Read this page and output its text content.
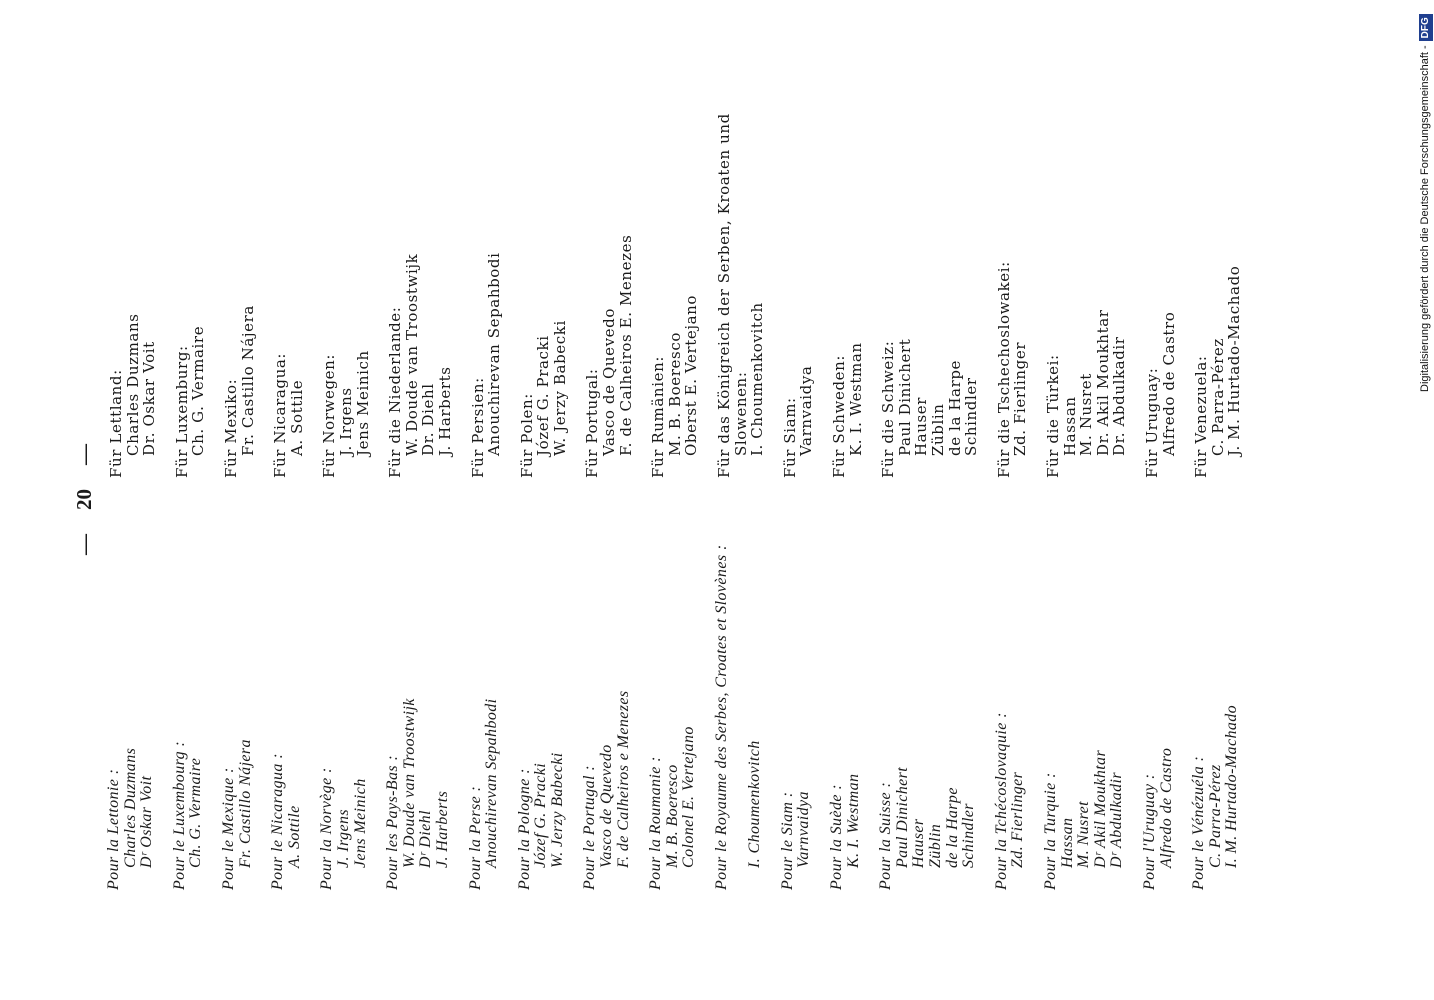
—20—
Pour la Lettonie : Charles Duzmans Dʳ Oskar Voit Pour le Luxembourg : Ch. G. Vermaire Pour le Mexique : Fr. Castillo Nájera Pour le Nicaragua : A. Sottile Pour la Norvège : J. Irgens Jens Meinich Pour les Pays-Bas : W. Doude van Troostwijk Dʳ Diehl J. Harberts Pour la Perse : Anouchirevan Sepahbodi Pour la Pologne : Józef G. Pracki W. Jerzy Babecki Pour le Portugal : Vasco de Quevedo F. de Calheiros e Menezes Pour la Roumanie : M. B. Boeresco Colonel E. Vertejano Pour le Royaume des Serbes, Croates et Slovènes :
I. Choumenkovitch Pour le Siam : Varnvaidya Pour la Suède : K. I. Westman Pour la Suisse : Paul Dinichert Hauser Züblin de la Harpe Schindler Pour la Tchécoslovaquie : Zd. Fierlinger Pour la Turquie : Hassan M. Nusret Dʳ Akil Moukhtar Dʳ Abdulkadir Pour l'Uruguay : Alfredo de Castro Pour le Vénézuéla : C. Parra-Pérez I. M. Hurtado-Machado
Für Lettland:
Charles Duzmans
Dr. Oskar Voit Für Luxemburg:
Ch. G. Vermaire Für Mexiko:
Fr. Castillo Nájera Für Nicaragua:
A. Sottile Für Norwegen:
J. Irgens
Jens Meinich Für die Niederlande:
W. Doude van Troostwijk
Dr. Diehl
J. Harberts Für Persien:
Anouchirevan Sepahbodi Für Polen:
Józef G. Pracki
W. Jerzy Babecki Für Portugal:
Vasco de Quevedo
F. de Calheiros E. Menezes Für Rumänien:
M. B. Boeresco
Oberst E. Vertejano Für das Königreich der Serben, Kroaten und
Slowenen:
I. Choumenkovitch Für Siam:
Varnvaidya Für Schweden:
K. I. Westman Für die Schweiz:
Paul Dinichert
Hauser
Züblin
de la Harpe
Schindler Für die Tschechoslowakei:
Zd. Fierlinger Für die Türkei:
Hassan
M. Nusret
Dr. Akil Moukhtar
Dr. Abdulkadir Für Uruguay:
Alfredo de Castro Für Venezuela:
C. Parra-Pérez
J. M. Hurtado-Machado	Digitalisierung gefördert durch die Deutsche Forschungsgemeinschaft -DFG
